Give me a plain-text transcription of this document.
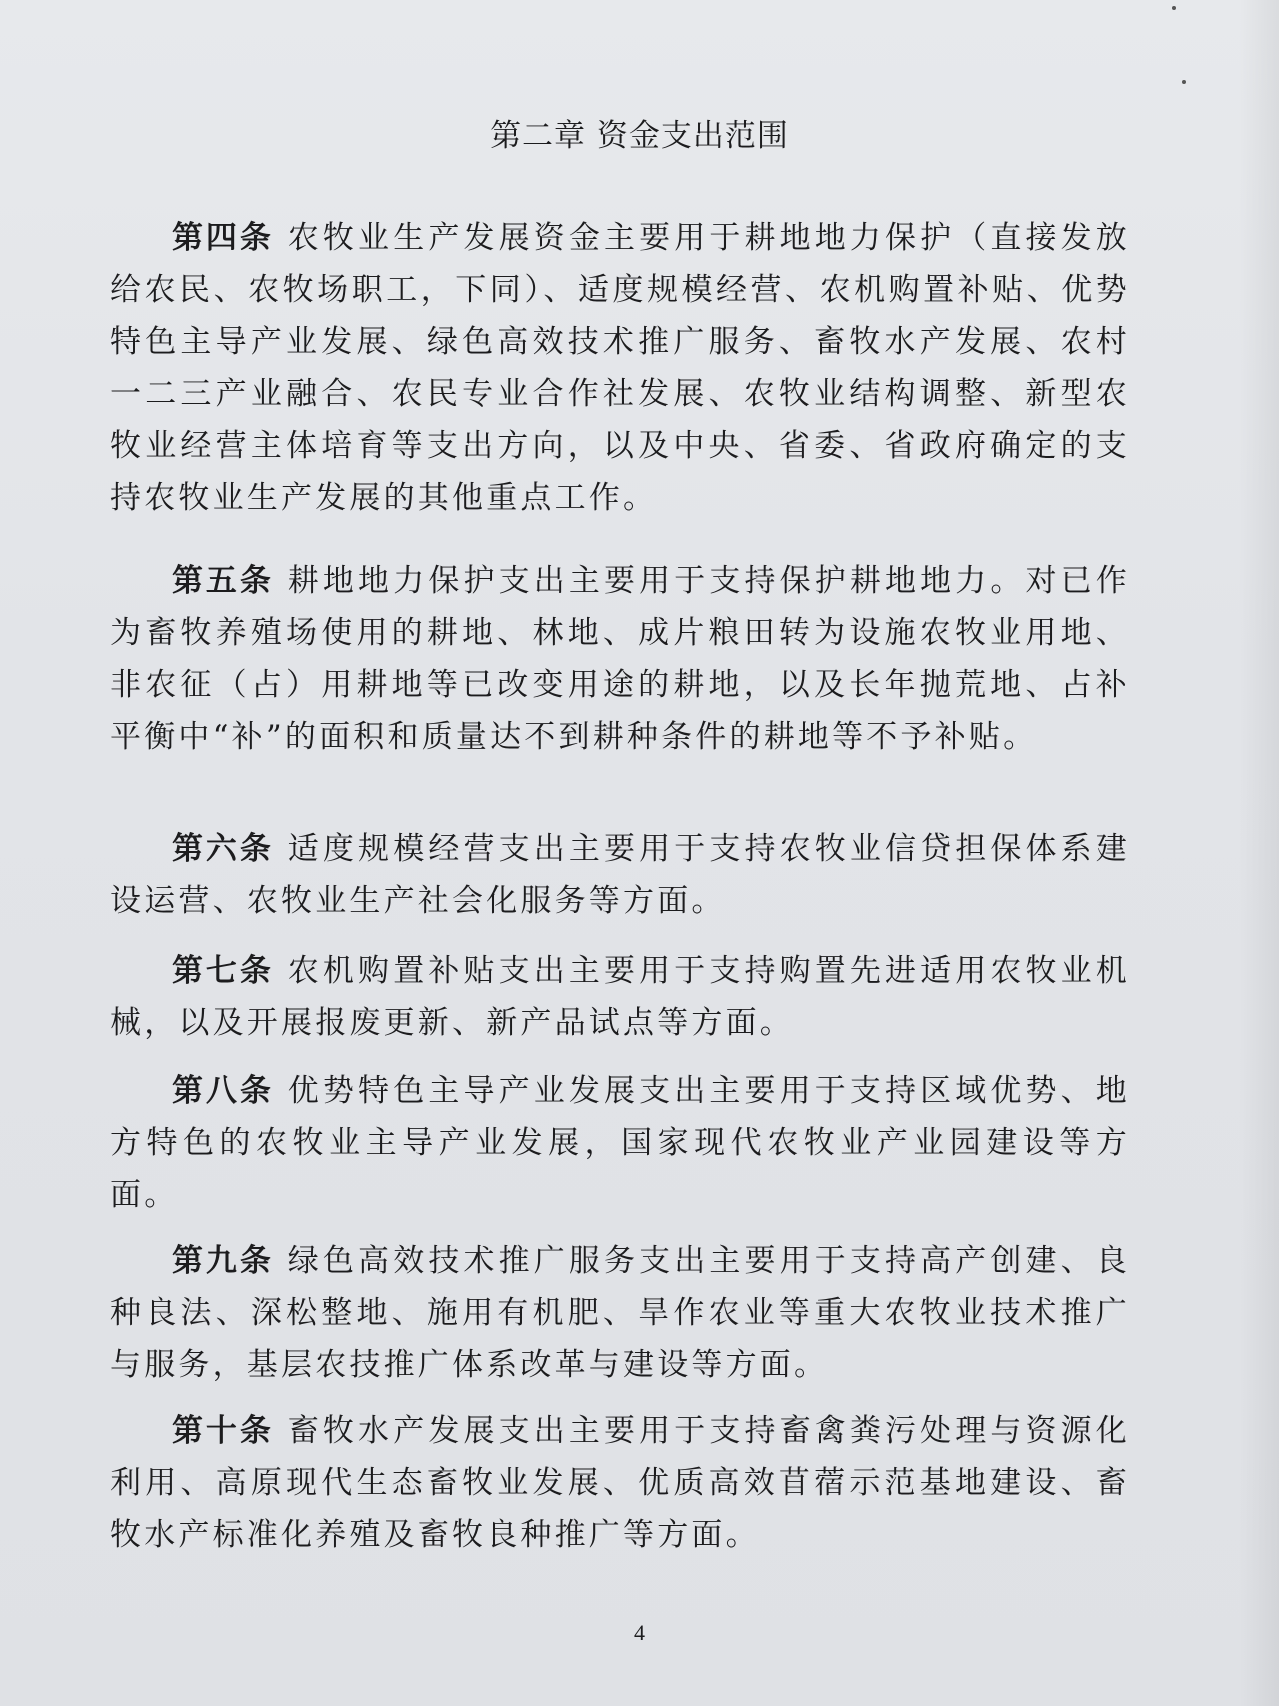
第二章 资金支出范围

第四条 农牧业生产发展资金主要用于耕地地力保护（直接发放给农民、农牧场职工，下同）、适度规模经营、农机购置补贴、优势特色主导产业发展、绿色高效技术推广服务、畜牧水产发展、农村一二三产业融合、农民专业合作社发展、农牧业结构调整、新型农牧业经营主体培育等支出方向，以及中央、省委、省政府确定的支持农牧业生产发展的其他重点工作。

第五条 耕地地力保护支出主要用于支持保护耕地地力。对已作为畜牧养殖场使用的耕地、林地、成片粮田转为设施农牧业用地、非农征（占）用耕地等已改变用途的耕地，以及长年抛荒地、占补平衡中“补”的面积和质量达不到耕种条件的耕地等不予补贴。

第六条 适度规模经营支出主要用于支持农牧业信贷担保体系建设运营、农牧业生产社会化服务等方面。

第七条 农机购置补贴支出主要用于支持购置先进适用农牧业机械，以及开展报废更新、新产品试点等方面。

第八条 优势特色主导产业发展支出主要用于支持区域优势、地方特色的农牧业主导产业发展，国家现代农牧业产业园建设等方面。

第九条 绿色高效技术推广服务支出主要用于支持高产创建、良种良法、深松整地、施用有机肥、旱作农业等重大农牧业技术推广与服务，基层农技推广体系改革与建设等方面。

第十条 畜牧水产发展支出主要用于支持畜禽粪污处理与资源化利用、高原现代生态畜牧业发展、优质高效苜蓿示范基地建设、畜牧水产标准化养殖及畜牧良种推广等方面。

4
